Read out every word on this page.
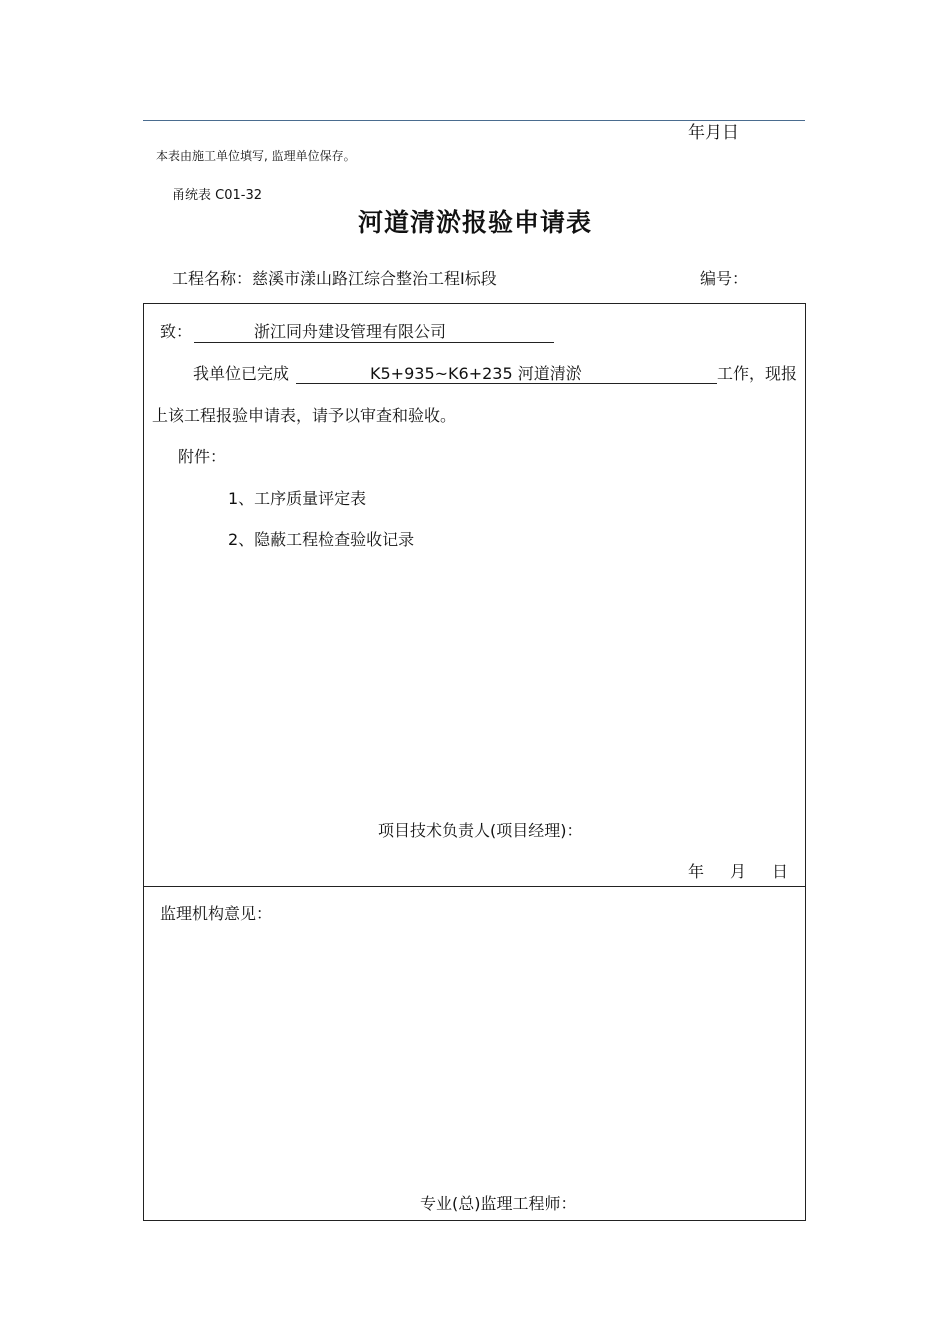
年月日
本表由施工单位填写, 监理单位保存。
甬统表 C01-32
河道清淤报验申请表
工程名称：慈溪市漾山路江综合整治工程Ⅰ标段	编号：
致：	浙江同舟建设管理有限公司
我单位已完成	K5+935~K6+235 河道清淤	工作，现报
上该工程报验申请表，请予以审查和验收。
附件：
1、工序质量评定表
2、隐蔽工程检查验收记录
项目技术负责人(项目经理)：
年 月 日
监理机构意见：
专业(总)监理工程师：
